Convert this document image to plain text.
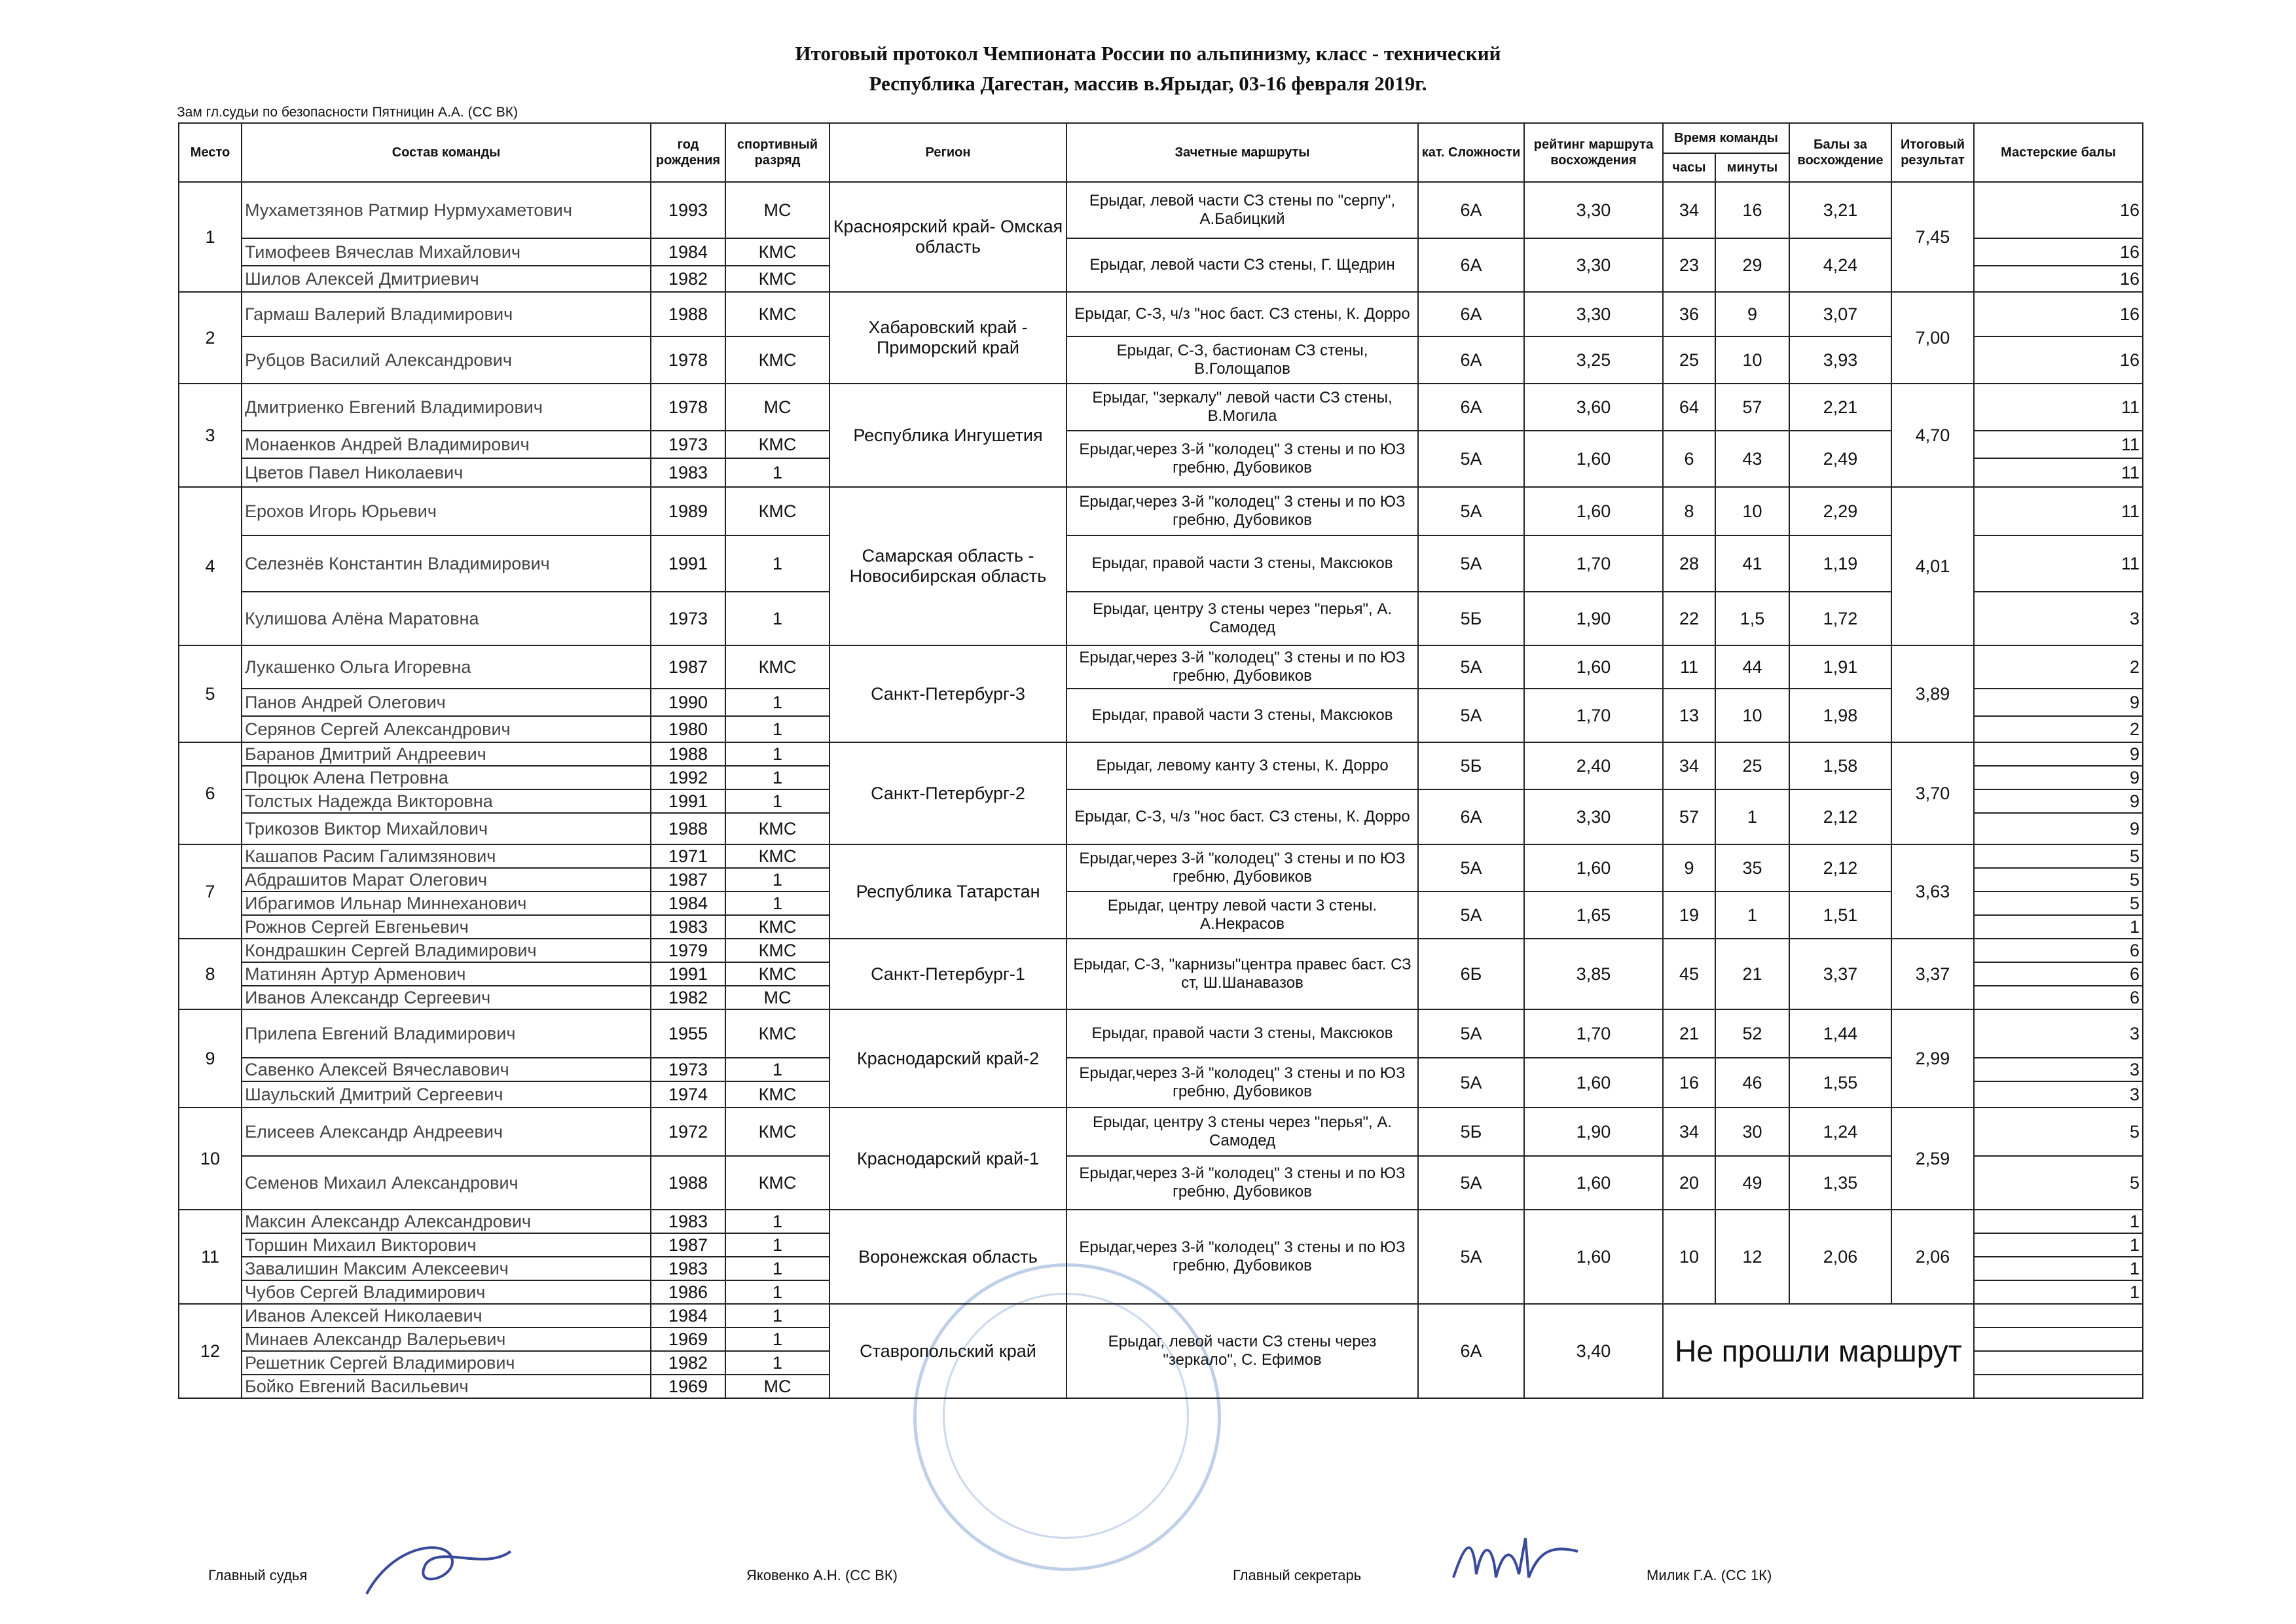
Итоговый протокол Чемпионата России по альпинизму, класс - технический
Республика Дагестан, массив в.Ярыдаг, 03-16 февраля 2019г.
Зам гл.судьи по безопасности Пятницин А.А. (СС ВК)
Место	Состав команды	год рождения	спортивный разряд	Регион	Зачетные маршруты	кат. Сложности	рейтинг маршрута восхождения	Время команды		Балы за восхождение	Итоговый результат	Мастерские балы
								часы	минуты			
1	Мухаметзянов Ратмир Нурмухаметович	1993	МС	Красноярский край- Омская область	Ерыдаг, левой части СЗ стены по "серпу", А.Бабицкий	6А	3,30	34	16	3,21	7,45	16
	Тимофеев Вячеслав Михайлович	1984	КМС		Ерыдаг, левой части СЗ стены, Г. Щедрин	6А	3,30	23	29	4,24		16
	Шилов Алексей Дмитриевич	1982	КМС									16
2	Гармаш Валерий Владимирович	1988	КМС	Хабаровский край - Приморский край	Ерыдаг, С-З, ч/з "нос баст. СЗ стены, К. Дорро	6А	3,30	36	9	3,07	7,00	16
	Рубцов Василий Александрович	1978	КМС		Ерыдаг, С-З, бастионам СЗ стены, В.Голощапов	6А	3,25	25	10	3,93		16
3	Дмитриенко Евгений Владимирович	1978	МС	Республика Ингушетия	Ерыдаг, "зеркалу" левой части СЗ стены, В.Могила	6А	3,60	64	57	2,21	4,70	11
	Монаенков Андрей Владимирович	1973	КМС		Ерыдаг,через 3-й "колодец" 3 стены и по ЮЗ гребню, Дубовиков	5А	1,60	6	43	2,49		11
	Цветов Павел Николаевич	1983	1									11
4	Ерохов Игорь Юрьевич	1989	КМС	Самарская область - Новосибирская область	Ерыдаг,через 3-й "колодец" 3 стены и по ЮЗ гребню, Дубовиков	5А	1,60	8	10	2,29	4,01	11
	Селезнёв Константин Владимирович	1991	1		Ерыдаг, правой части З стены, Максюков	5А	1,70	28	41	1,19		11
	Кулишова Алёна Маратовна	1973	1		Ерыдаг, центру 3 стены через "перья", А. Самодед	5Б	1,90	22	1,5	1,72		3
5	Лукашенко Ольга Игоревна	1987	КМС	Санкт-Петербург-3	Ерыдаг,через 3-й "колодец" 3 стены и по ЮЗ гребню, Дубовиков	5А	1,60	11	44	1,91	3,89	2
	Панов Андрей Олегович	1990	1		Ерыдаг, правой части З стены, Максюков	5А	1,70	13	10	1,98		9
	Серянов Сергей Александрович	1980	1									2
6	Баранов Дмитрий Андреевич	1988	1	Санкт-Петербург-2	Ерыдаг, левому канту 3 стены, К. Дорро	5Б	2,40	34	25	1,58	3,70	9
	Процюк Алена Петровна	1992	1									9
	Толстых Надежда Викторовна	1991	1		Ерыдаг, С-З, ч/з "нос баст. СЗ стены, К. Дорро	6А	3,30	57	1	2,12		9
	Трикозов Виктор Михайлович	1988	КМС									9
7	Кашапов Расим Галимзянович	1971	КМС	Республика Татарстан	Ерыдаг,через 3-й "колодец" 3 стены и по ЮЗ гребню, Дубовиков	5А	1,60	9	35	2,12	3,63	5
	Абдрашитов Марат Олегович	1987	1									5
	Ибрагимов Ильнар Миннеханович	1984	1		Ерыдаг, центру левой части 3 стены. А.Некрасов	5А	1,65	19	1	1,51		5
	Рожнов Сергей Евгеньевич	1983	КМС									1
8	Кондрашкин Сергей Владимирович	1979	КМС	Санкт-Петербург-1	Ерыдаг, С-З, "карнизы"центра правес баст. СЗ ст, Ш.Шанавазов	6Б	3,85	45	21	3,37	3,37	6
	Матинян Артур Арменович	1991	КМС									6
	Иванов Александр Сергеевич	1982	МС									6
9	Прилепа Евгений Владимирович	1955	КМС	Краснодарский край-2	Ерыдаг, правой части З стены, Максюков	5А	1,70	21	52	1,44	2,99	3
	Савенко Алексей Вячеславович	1973	1		Ерыдаг,через 3-й "колодец" 3 стены и по ЮЗ гребню, Дубовиков	5А	1,60	16	46	1,55		3
	Шаульский Дмитрий Сергеевич	1974	КМС									3
10	Елисеев Александр Андреевич	1972	КМС	Краснодарский край-1	Ерыдаг, центру 3 стены через "перья", А. Самодед	5Б	1,90	34	30	1,24	2,59	5
	Семенов Михаил Александрович	1988	КМС		Ерыдаг,через 3-й "колодец" 3 стены и по ЮЗ гребню, Дубовиков	5А	1,60	20	49	1,35		5
11	Максин Александр Александрович	1983	1	Воронежская область	Ерыдаг,через 3-й "колодец" 3 стены и по ЮЗ гребню, Дубовиков	5А	1,60	10	12	2,06	2,06	1
	Торшин Михаил Викторович	1987	1									1
	Завалишин Максим Алексеевич	1983	1									1
	Чубов Сергей Владимирович	1986	1									1
12	Иванов Алексей Николаевич	1984	1	Ставропольский край	Ерыдаг, левой части СЗ стены через "зеркало", С. Ефимов	6А	3,40	Не прошли маршрут				
	Минаев Александр Валерьевич	1969	1									
	Решетник Сергей Владимирович	1982	1									
	Бойко Евгений Васильевич	1969	МС									
Главный судья	Яковенко А.Н. (СС ВК)	Главный секретарь	Милик Г.А. (СС 1К)
